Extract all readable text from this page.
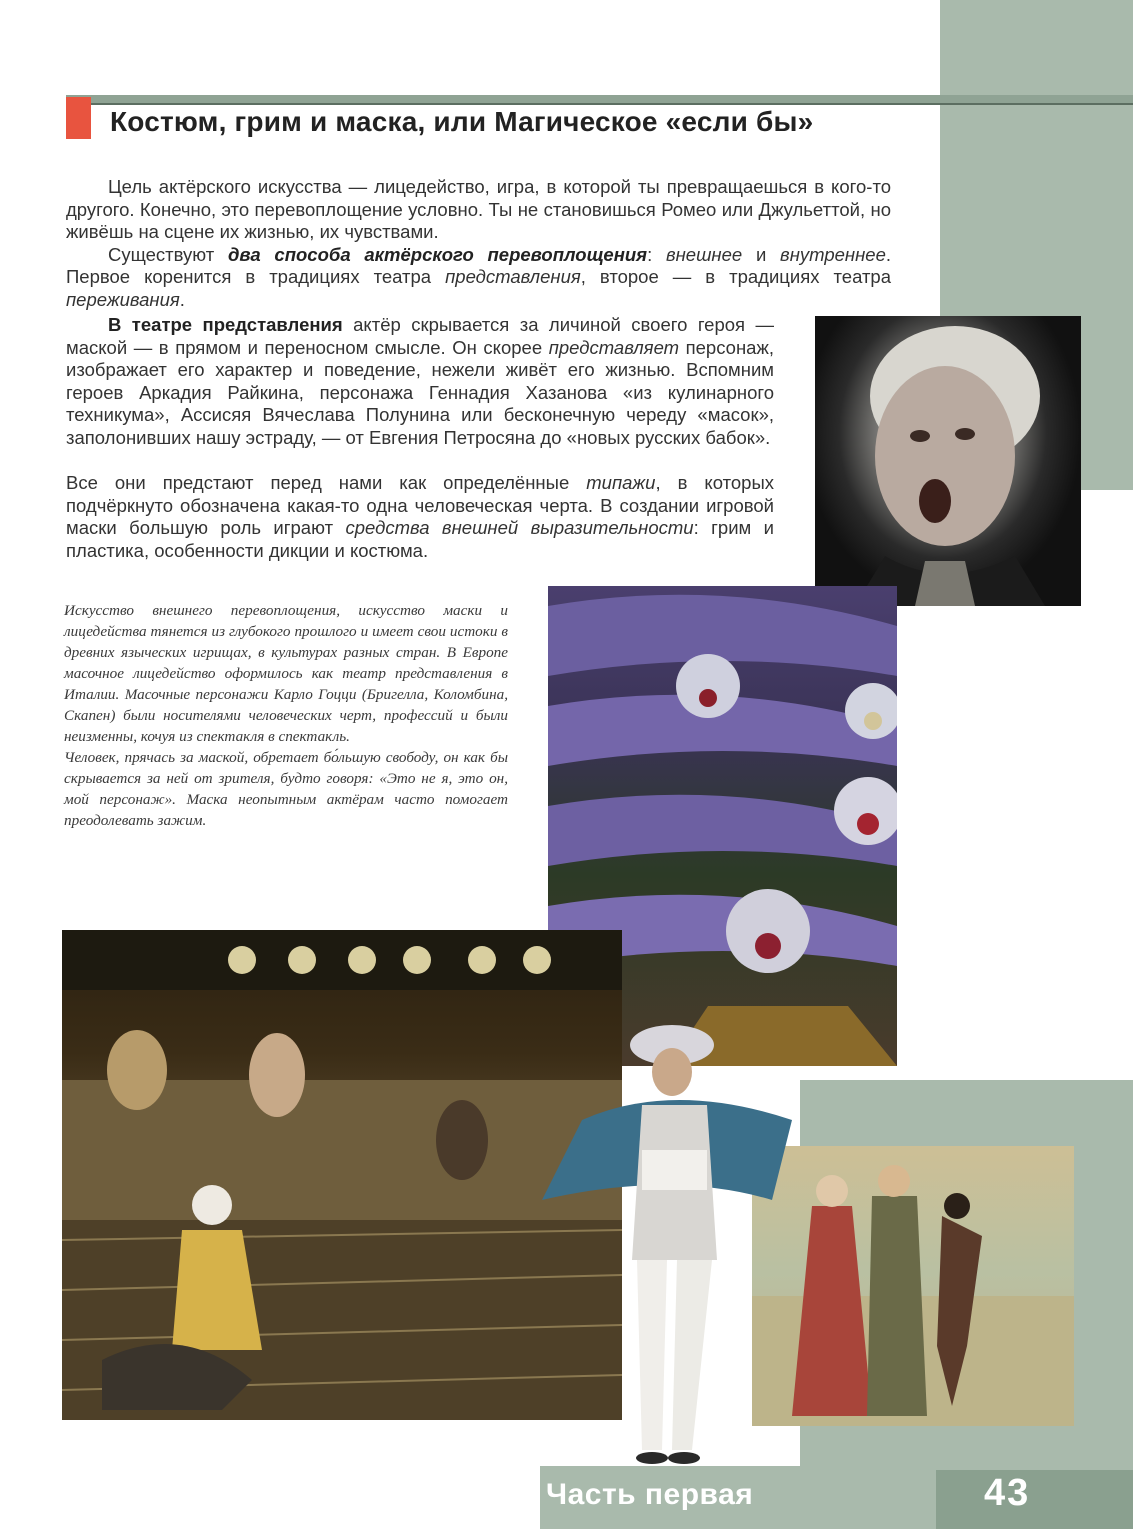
Костюм, грим и маска, или Магическое «если бы»

Цель актёрского искусства — лицедейство, игра, в которой ты превращаешься в кого-то другого. Конечно, это перевоплощение условно. Ты не становишься Ромео или Джульеттой, но живёшь на сцене их жизнью, их чувствами.

Существуют два способа актёрского перевоплощения: внешнее и внутреннее. Первое коренится в традициях театра представления, второе — в традициях театра переживания.

В театре представления актёр скрывается за личиной своего героя — маской — в прямом и переносном смысле. Он скорее представляет персонаж, изображает его характер и поведение, нежели живёт его жизнью. Вспомним героев Аркадия Райкина, персонажа Геннадия Хазанова «из кулинарного техникума», Ассисяя Вячеслава Полунина или бесконечную череду «масок», заполонивших нашу эстраду, — от Евгения Петросяна до «новых русских бабок».

Все они предстают перед нами как определённые типажи, в которых подчёркнуто обозначена какая-то одна человеческая черта. В создании игровой маски большую роль играют средства внешней выразительности: грим и пластика, особенности дикции и костюма.

Искусство внешнего перевоплощения, искусство маски и лицедейства тянется из глубокого прошлого и имеет свои истоки в древних языческих игрищах, в культурах разных стран. В Европе масочное лицедейство оформилось как театр представления в Италии. Масочные персонажи Карло Гоцци (Бригелла, Коломбина, Скапен) были носителями человеческих черт, профессий и были неизменны, кочуя из спектакля в спектакль.

Человек, прячась за маской, обретает бо́льшую свободу, он как бы скрывается за ней от зрителя, будто говоря: «Это не я, это он, мой персонаж». Маска неопытным актёрам часто помогает преодолевать зажим.

Часть первая	43
